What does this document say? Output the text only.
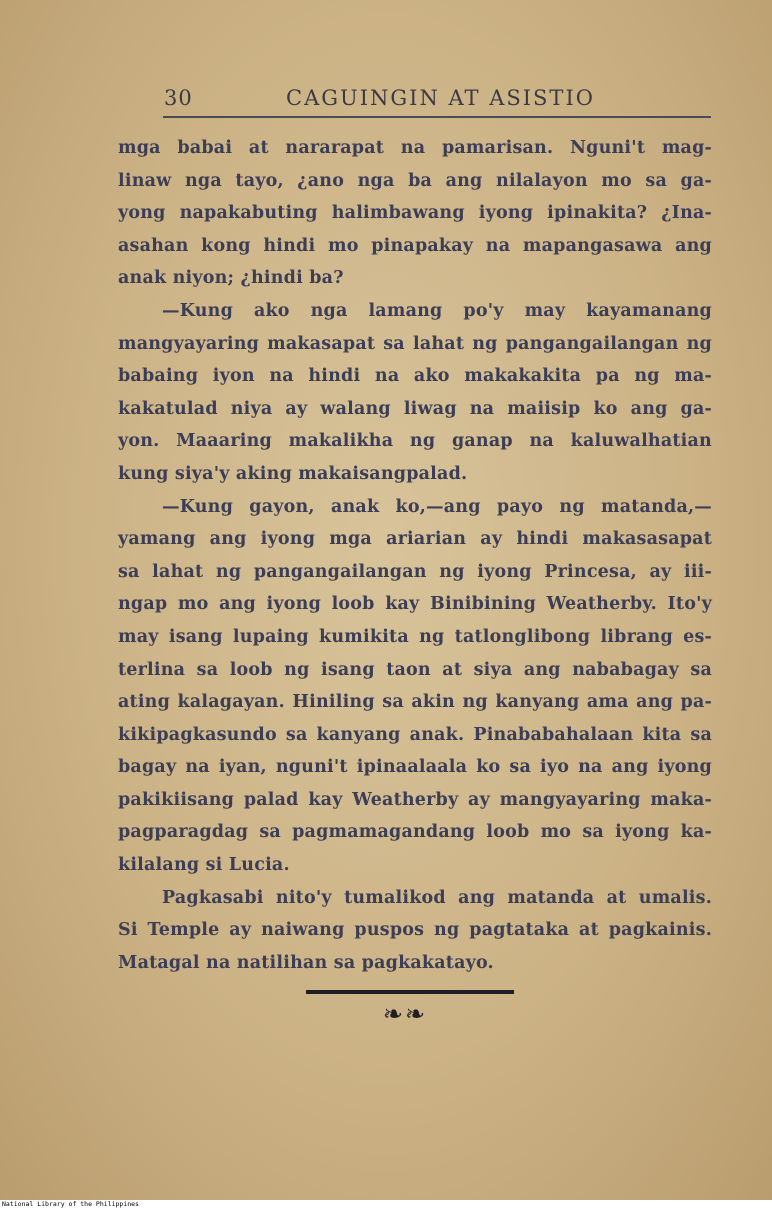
30	CAGUINGIN AT ASISTIO
mga babai at nararapat na pamarisan. Nguni't mag-
linaw nga tayo, ¿ano nga ba ang nilalayon mo sa ga-
yong napakabuting halimbawang iyong ipinakita? ¿Ina-
asahan kong hindi mo pinapakay na mapangasawa ang
anak niyon; ¿hindi ba?
—Kung ako nga lamang po'y may kayamanang
mangyayaring makasapat sa lahat ng pangangailangan ng
babaing iyon na hindi na ako makakakita pa ng ma-
kakatulad niya ay walang liwag na maiisip ko ang ga-
yon. Maaaring makalikha ng ganap na kaluwalhatian
kung siya'y aking makaisangpalad.
—Kung gayon, anak ko,—ang payo ng matanda,—
yamang ang iyong mga ariarian ay hindi makasasapat
sa lahat ng pangangailangan ng iyong Princesa, ay iii-
ngap mo ang iyong loob kay Binibining Weatherby. Ito'y
may isang lupaing kumikita ng tatlonglibong librang es-
terlina sa loob ng isang taon at siya ang nababagay sa
ating kalagayan. Hiniling sa akin ng kanyang ama ang pa-
kikipagkasundo sa kanyang anak. Pinababahalaan kita sa
bagay na iyan, nguni't ipinaalaala ko sa iyo na ang iyong
pakikiisang palad kay Weatherby ay mangyayaring maka-
pagparagdag sa pagmamagandang loob mo sa iyong ka-
kilalang si Lucia.
Pagkasabi nito'y tumalikod ang matanda at umalis.
Si Temple ay naiwang puspos ng pagtataka at pagkainis.
Matagal na natilihan sa pagkakatayo.
❧❧
National Library of the Philippines
